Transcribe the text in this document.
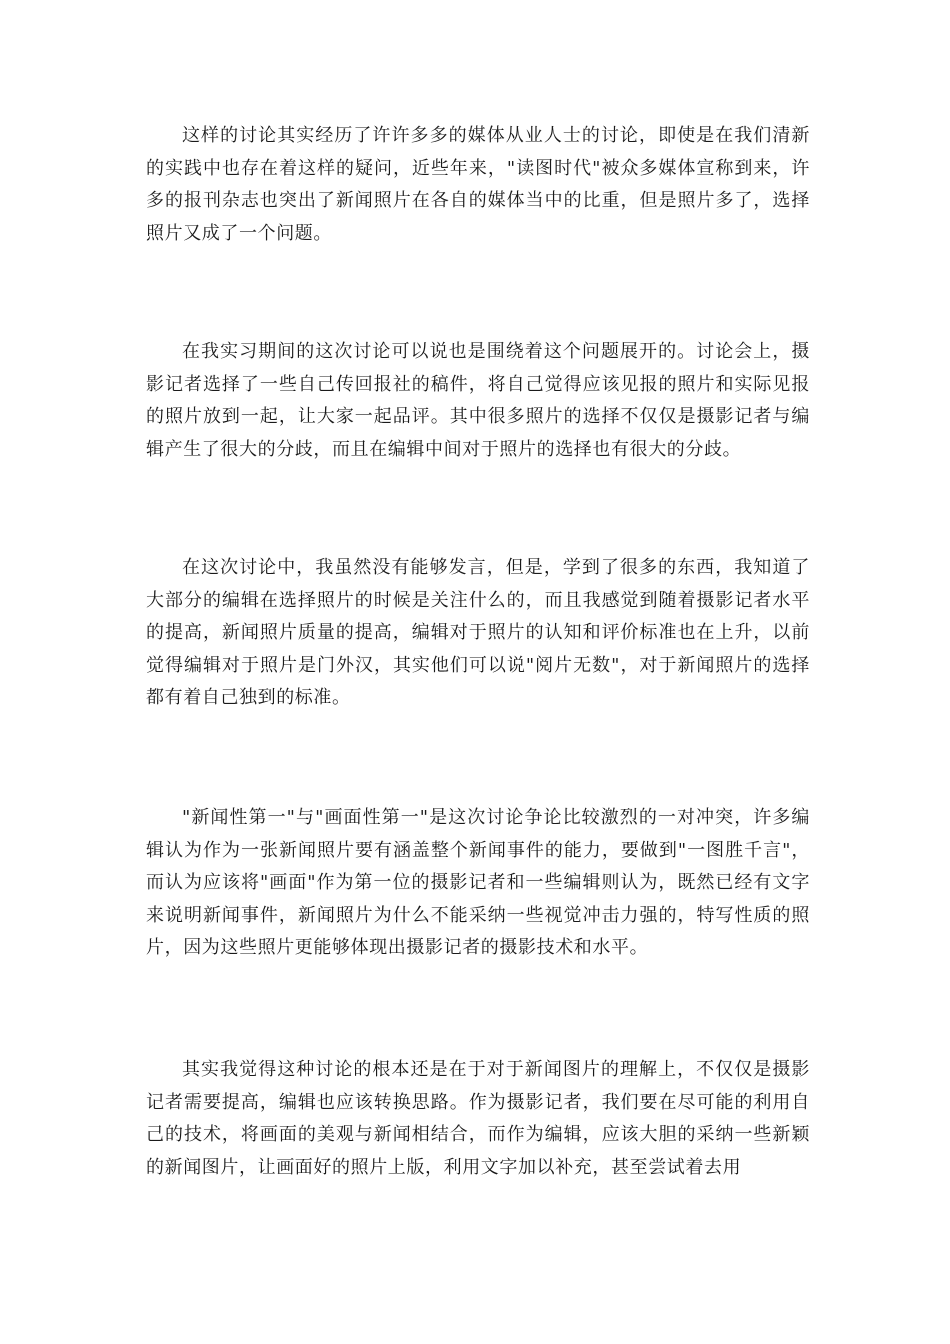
这样的讨论其实经历了许许多多的媒体从业人士的讨论，即使是在我们清新的实践中也存在着这样的疑问，近些年来，"读图时代"被众多媒体宣称到来，许多的报刊杂志也突出了新闻照片在各自的媒体当中的比重，但是照片多了，选择照片又成了一个问题。

在我实习期间的这次讨论可以说也是围绕着这个问题展开的。讨论会上，摄影记者选择了一些自己传回报社的稿件，将自己觉得应该见报的照片和实际见报的照片放到一起，让大家一起品评。其中很多照片的选择不仅仅是摄影记者与编辑产生了很大的分歧，而且在编辑中间对于照片的选择也有很大的分歧。

在这次讨论中，我虽然没有能够发言，但是，学到了很多的东西，我知道了大部分的编辑在选择照片的时候是关注什么的，而且我感觉到随着摄影记者水平的提高，新闻照片质量的提高，编辑对于照片的认知和评价标准也在上升，以前觉得编辑对于照片是门外汉，其实他们可以说"阅片无数"，对于新闻照片的选择都有着自己独到的标准。

"新闻性第一"与"画面性第一"是这次讨论争论比较激烈的一对冲突，许多编辑认为作为一张新闻照片要有涵盖整个新闻事件的能力，要做到"一图胜千言"，而认为应该将"画面"作为第一位的摄影记者和一些编辑则认为，既然已经有文字来说明新闻事件，新闻照片为什么不能采纳一些视觉冲击力强的，特写性质的照片，因为这些照片更能够体现出摄影记者的摄影技术和水平。

其实我觉得这种讨论的根本还是在于对于新闻图片的理解上，不仅仅是摄影记者需要提高，编辑也应该转换思路。作为摄影记者，我们要在尽可能的利用自己的技术，将画面的美观与新闻相结合，而作为编辑，应该大胆的采纳一些新颖的新闻图片，让画面好的照片上版，利用文字加以补充，甚至尝试着去用
